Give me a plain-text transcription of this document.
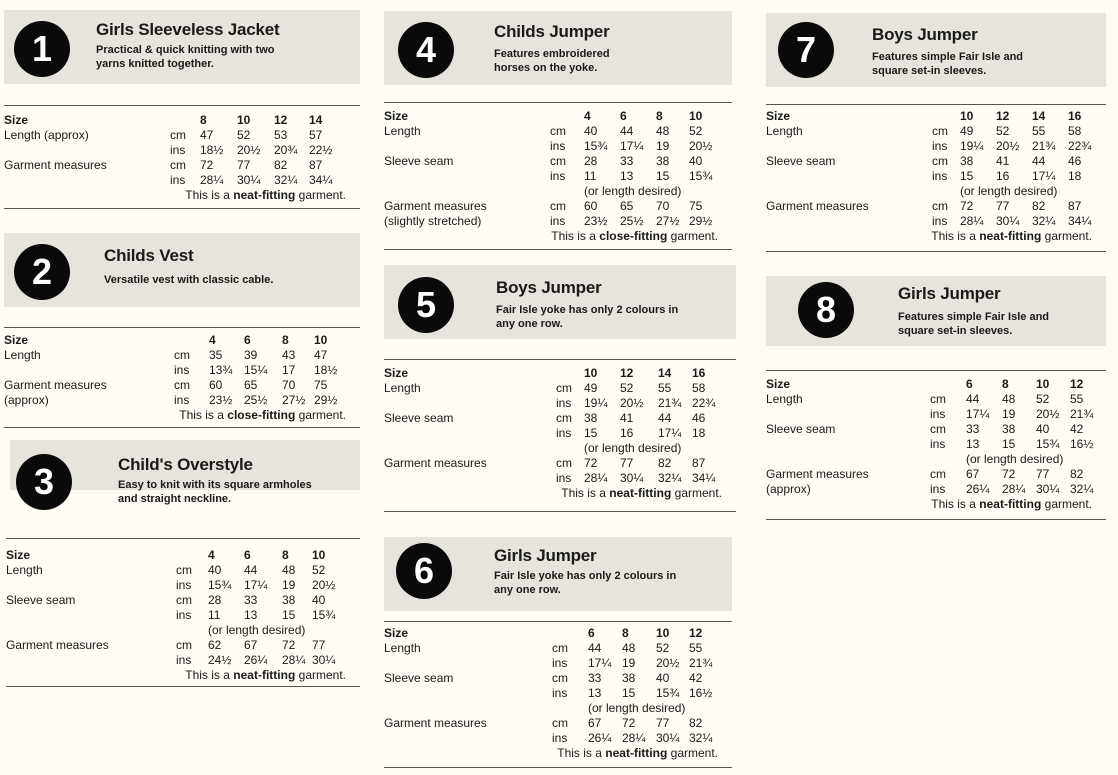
1	Girls Sleeveless Jacket
Practical & quick knitting with two
yarns knitted together.
Size	8	10 12 14
Length (approx)	cm 47 52 53 57
ins 18½ 20½ 20¾ 22½
Garment measures	cm 72 77 82 87
ins 28¼ 30¼ 32¼ 34¼
This is a neat-fitting garment.
2	Childs Vest
Versatile vest with classic cable.
Size	4 6	8 10
Length	cm 35 39 43 47
ins 13¾ 15¼ 17 18½
Garment measures	cm 60 65 70 75
(approx)	ins 23½ 25½ 27½ 29½
This is a close-fitting garment.
3	Child's Overstyle
Easy to knit with its square armholes
and straight neckline.
Size	4 6	8 10
Length	cm 40 44 48 52
ins 15¾ 17¼ 19 20½
Sleeve seam	cm 28 33 38 40
ins 11 13 15 15¾
(or length desired)
Garment measures	cm 62 67 72 77
ins 24½ 26¼ 28¼ 30¼
This is a neat-fitting garment.
4	Childs Jumper
Features embroidered
horses on the yoke.
Size	4 6 8 10
Length	cm 40 44 48 52
ins 15¾ 17¼ 19 20½
Sleeve seam	cm 28 33 38 40
ins 11 13 15 15¾
(or length desired)
Garment measures	cm 60 65 70 75
(slightly stretched)	ins 23½ 25½ 27½ 29½
This is a close-fitting garment.
5	Boys Jumper
Fair Isle yoke has only 2 colours in
any one row.
Size	10 12 14 16
Length	cm 49 52 55 58
ins 19¼ 20½ 21¾ 22¾
Sleeve seam	cm 38 41 44 46
ins 15 16 17¼ 18
(or length desired)
Garment measures	cm 72 77 82 87
ins 28¼ 30¼ 32¼ 34¼
This is a neat-fitting garment.
6	Girls Jumper
Fair Isle yoke has only 2 colours in
any one row.
Size	6 8 10 12
Length	cm 44 48 52 55
ins 17¼ 19 20½ 21¾
Sleeve seam	cm 33 38 40 42
ins 13 15 15¾ 16½
(or length desired)
Garment measures	cm 67 72 77 82
ins 26¼ 28¼ 30¼ 32¼
This is a neat-fitting garment.
7	Boys Jumper
Features simple Fair Isle and
square set-in sleeves.
Size	10 12 14 16
Length	cm 49 52 55 58
ins 19¼ 20½ 21¾ 22¾
Sleeve seam	cm 38 41 44 46
ins 15 16 17¼ 18
(or length desired)
Garment measures	cm 72 77 82 87
ins 28¼ 30¼ 32¼ 34¼
This is a neat-fitting garment.
8	Girls Jumper
Features simple Fair Isle and
square set-in sleeves.
Size	6 8 10 12
Length	cm 44 48 52 55
ins 17¼ 19 20½ 21¾
Sleeve seam	cm 33 38 40 42
ins 13 15 15¾ 16½
(or length desired)
Garment measures	cm 67 72 77 82
(approx)	ins 26¼ 28¼ 30¼ 32¼
This is a neat-fitting garment.
